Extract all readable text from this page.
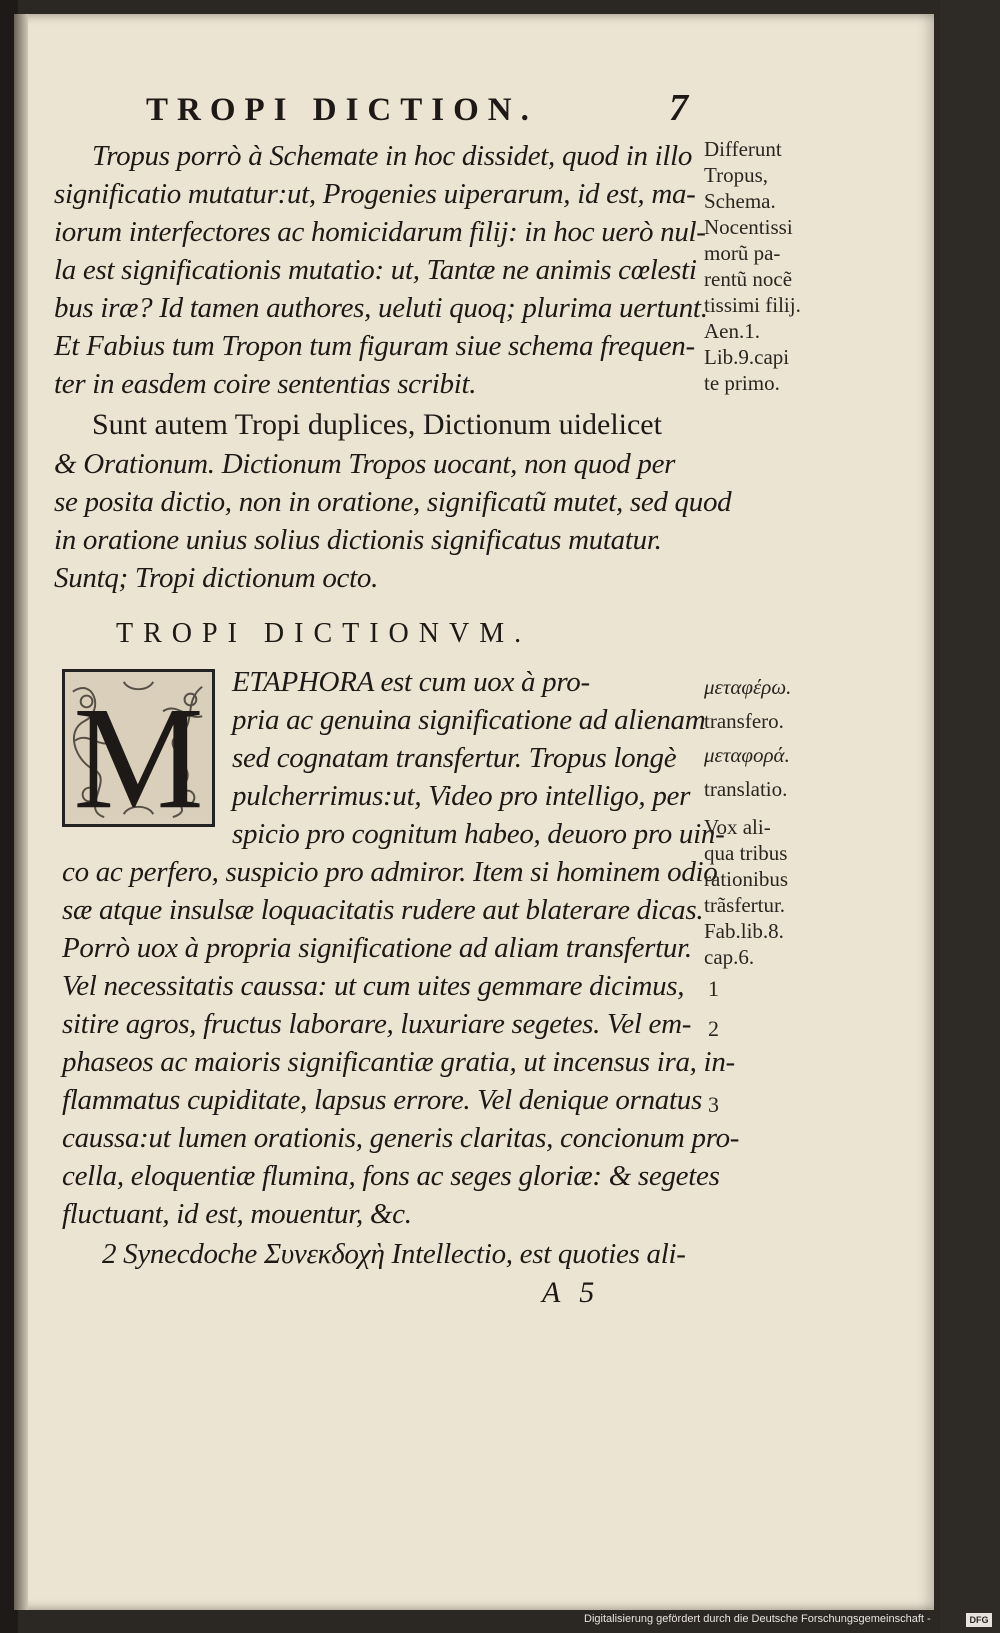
TROPI DICTION.	7
Tropus porrò à Schemate in hoc dissidet, quod in illo
significatio mutatur:ut, Progenies uiperarum, id est, ma-
iorum interfectores ac homicidarum filij: in hoc uerò nul-
la est significationis mutatio: ut, Tantæ ne animis cœlesti
bus iræ? Id tamen authores, ueluti quoq; plurima uertunt.
Et Fabius tum Tropon tum figuram siue schema frequen-
ter in easdem coire sententias scribit.
Sunt autem Tropi duplices, Dictionum uidelicet
& Orationum. Dictionum Tropos uocant, non quod per
se posita dictio, non in oratione, significatũ mutet, sed quod
in oratione unius solius dictionis significatus mutatur.
Suntq; Tropi dictionum octo.
TROPI DICTIONVM.
M ETAPHORA est cum uox à pro-
pria ac genuina significatione ad alienam
sed cognatam transfertur. Tropus longè
pulcherrimus:ut, Video pro intelligo, per
spicio pro cognitum habeo, deuoro pro uin-
co ac perfero, suspicio pro admiror. Item si hominem odio
sæ atque insulsæ loquacitatis rudere aut blaterare dicas.
Porrò uox à propria significatione ad aliam transfertur.
Vel necessitatis caussa: ut cum uites gemmare dicimus,
sitire agros, fructus laborare, luxuriare segetes. Vel em-
phaseos ac maioris significantiæ gratia, ut incensus ira, in-
flammatus cupiditate, lapsus errore. Vel denique ornatus
caussa:ut lumen orationis, generis claritas, concionum pro-
cella, eloquentiæ flumina, fons ac seges gloriæ: & segetes
fluctuant, id est, mouentur, &c.
2 Synecdoche Συνεκδοχὴ Intellectio, est quoties ali-
A 5
Differunt
Tropus,
Schema.
Nocentissi
morũ pa-
rentũ nocẽ
tissimi filij.
Aen.1.
Lib.9.capi
te primo.
μεταφέρω.
transfero.
μεταφορά.
translatio.
Vox ali-
qua tribus
rationibus
trãsfertur.
Fab.lib.8.
cap.6.
1
2
3
Digitalisierung gefördert durch die Deutsche Forschungsgemeinschaft -	DFG
